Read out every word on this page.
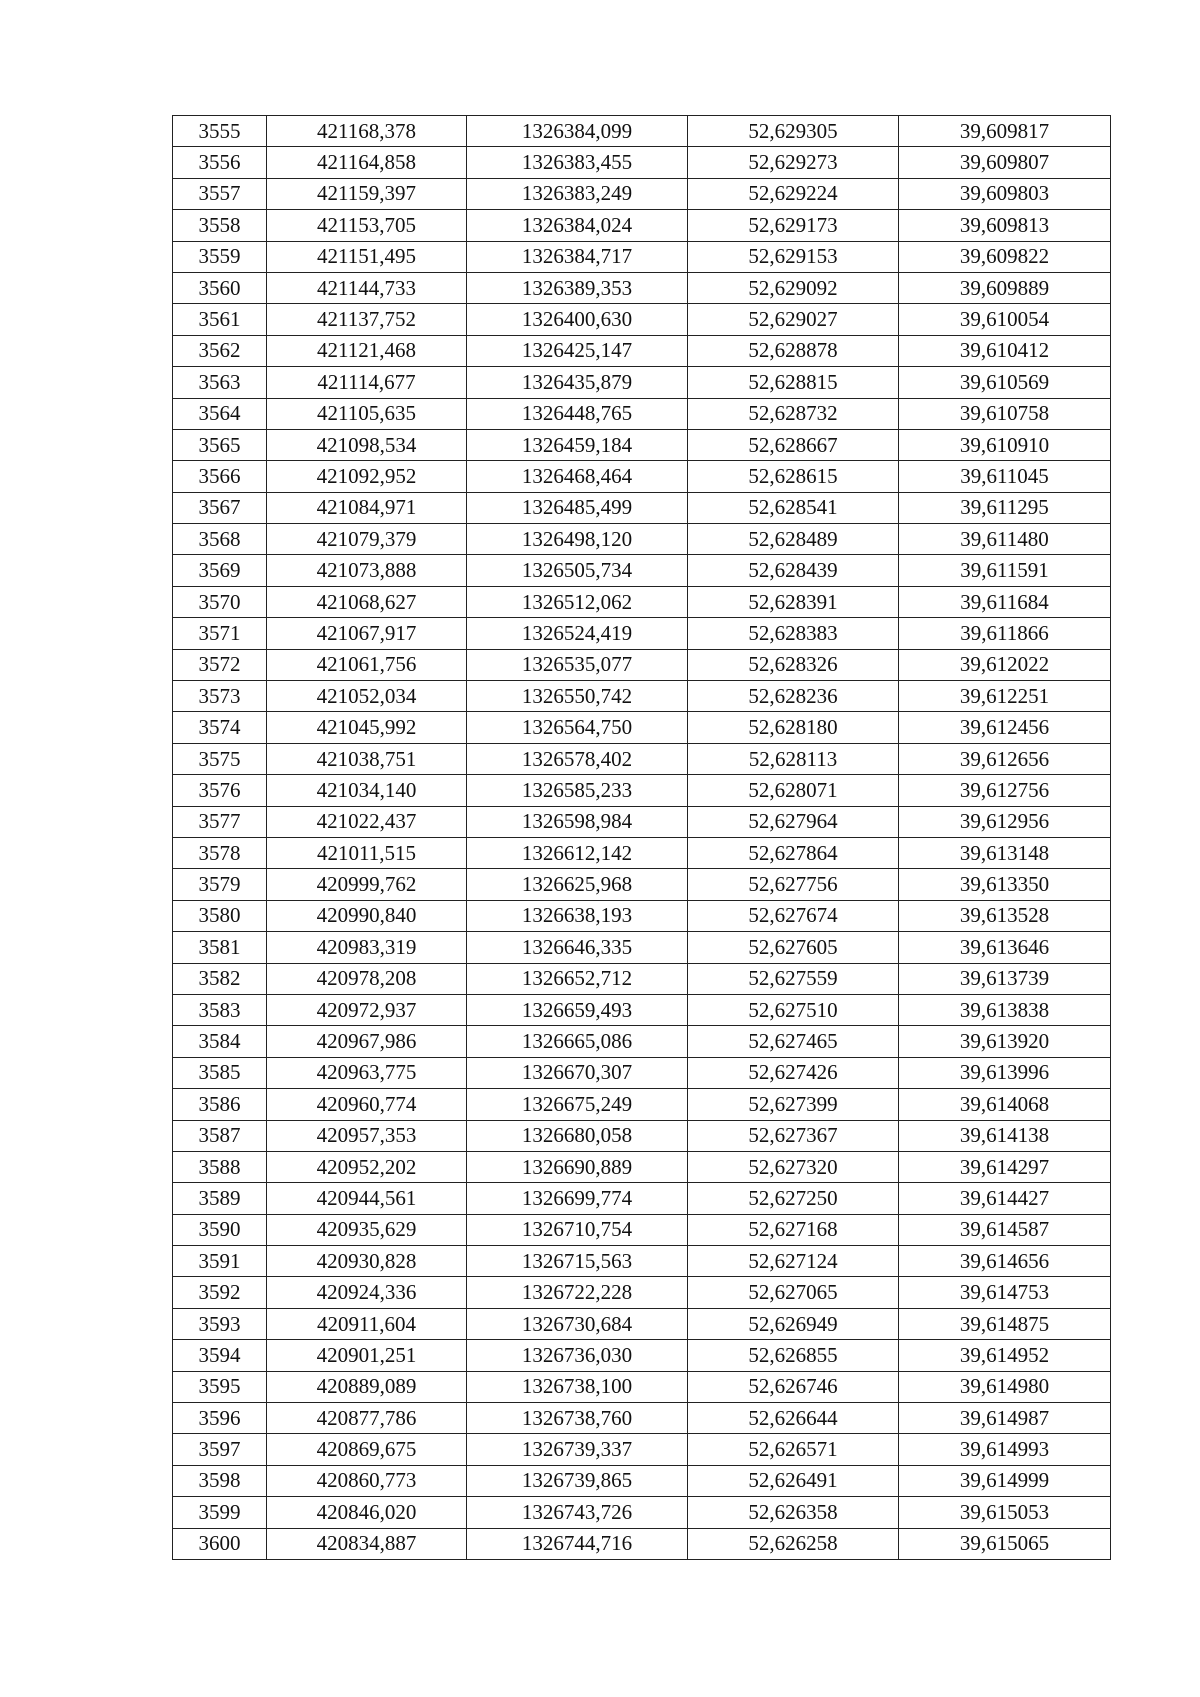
3555	421168,378	1326384,099	52,629305	39,609817
3556	421164,858	1326383,455	52,629273	39,609807
3557	421159,397	1326383,249	52,629224	39,609803
3558	421153,705	1326384,024	52,629173	39,609813
3559	421151,495	1326384,717	52,629153	39,609822
3560	421144,733	1326389,353	52,629092	39,609889
3561	421137,752	1326400,630	52,629027	39,610054
3562	421121,468	1326425,147	52,628878	39,610412
3563	421114,677	1326435,879	52,628815	39,610569
3564	421105,635	1326448,765	52,628732	39,610758
3565	421098,534	1326459,184	52,628667	39,610910
3566	421092,952	1326468,464	52,628615	39,611045
3567	421084,971	1326485,499	52,628541	39,611295
3568	421079,379	1326498,120	52,628489	39,611480
3569	421073,888	1326505,734	52,628439	39,611591
3570	421068,627	1326512,062	52,628391	39,611684
3571	421067,917	1326524,419	52,628383	39,611866
3572	421061,756	1326535,077	52,628326	39,612022
3573	421052,034	1326550,742	52,628236	39,612251
3574	421045,992	1326564,750	52,628180	39,612456
3575	421038,751	1326578,402	52,628113	39,612656
3576	421034,140	1326585,233	52,628071	39,612756
3577	421022,437	1326598,984	52,627964	39,612956
3578	421011,515	1326612,142	52,627864	39,613148
3579	420999,762	1326625,968	52,627756	39,613350
3580	420990,840	1326638,193	52,627674	39,613528
3581	420983,319	1326646,335	52,627605	39,613646
3582	420978,208	1326652,712	52,627559	39,613739
3583	420972,937	1326659,493	52,627510	39,613838
3584	420967,986	1326665,086	52,627465	39,613920
3585	420963,775	1326670,307	52,627426	39,613996
3586	420960,774	1326675,249	52,627399	39,614068
3587	420957,353	1326680,058	52,627367	39,614138
3588	420952,202	1326690,889	52,627320	39,614297
3589	420944,561	1326699,774	52,627250	39,614427
3590	420935,629	1326710,754	52,627168	39,614587
3591	420930,828	1326715,563	52,627124	39,614656
3592	420924,336	1326722,228	52,627065	39,614753
3593	420911,604	1326730,684	52,626949	39,614875
3594	420901,251	1326736,030	52,626855	39,614952
3595	420889,089	1326738,100	52,626746	39,614980
3596	420877,786	1326738,760	52,626644	39,614987
3597	420869,675	1326739,337	52,626571	39,614993
3598	420860,773	1326739,865	52,626491	39,614999
3599	420846,020	1326743,726	52,626358	39,615053
3600	420834,887	1326744,716	52,626258	39,615065
